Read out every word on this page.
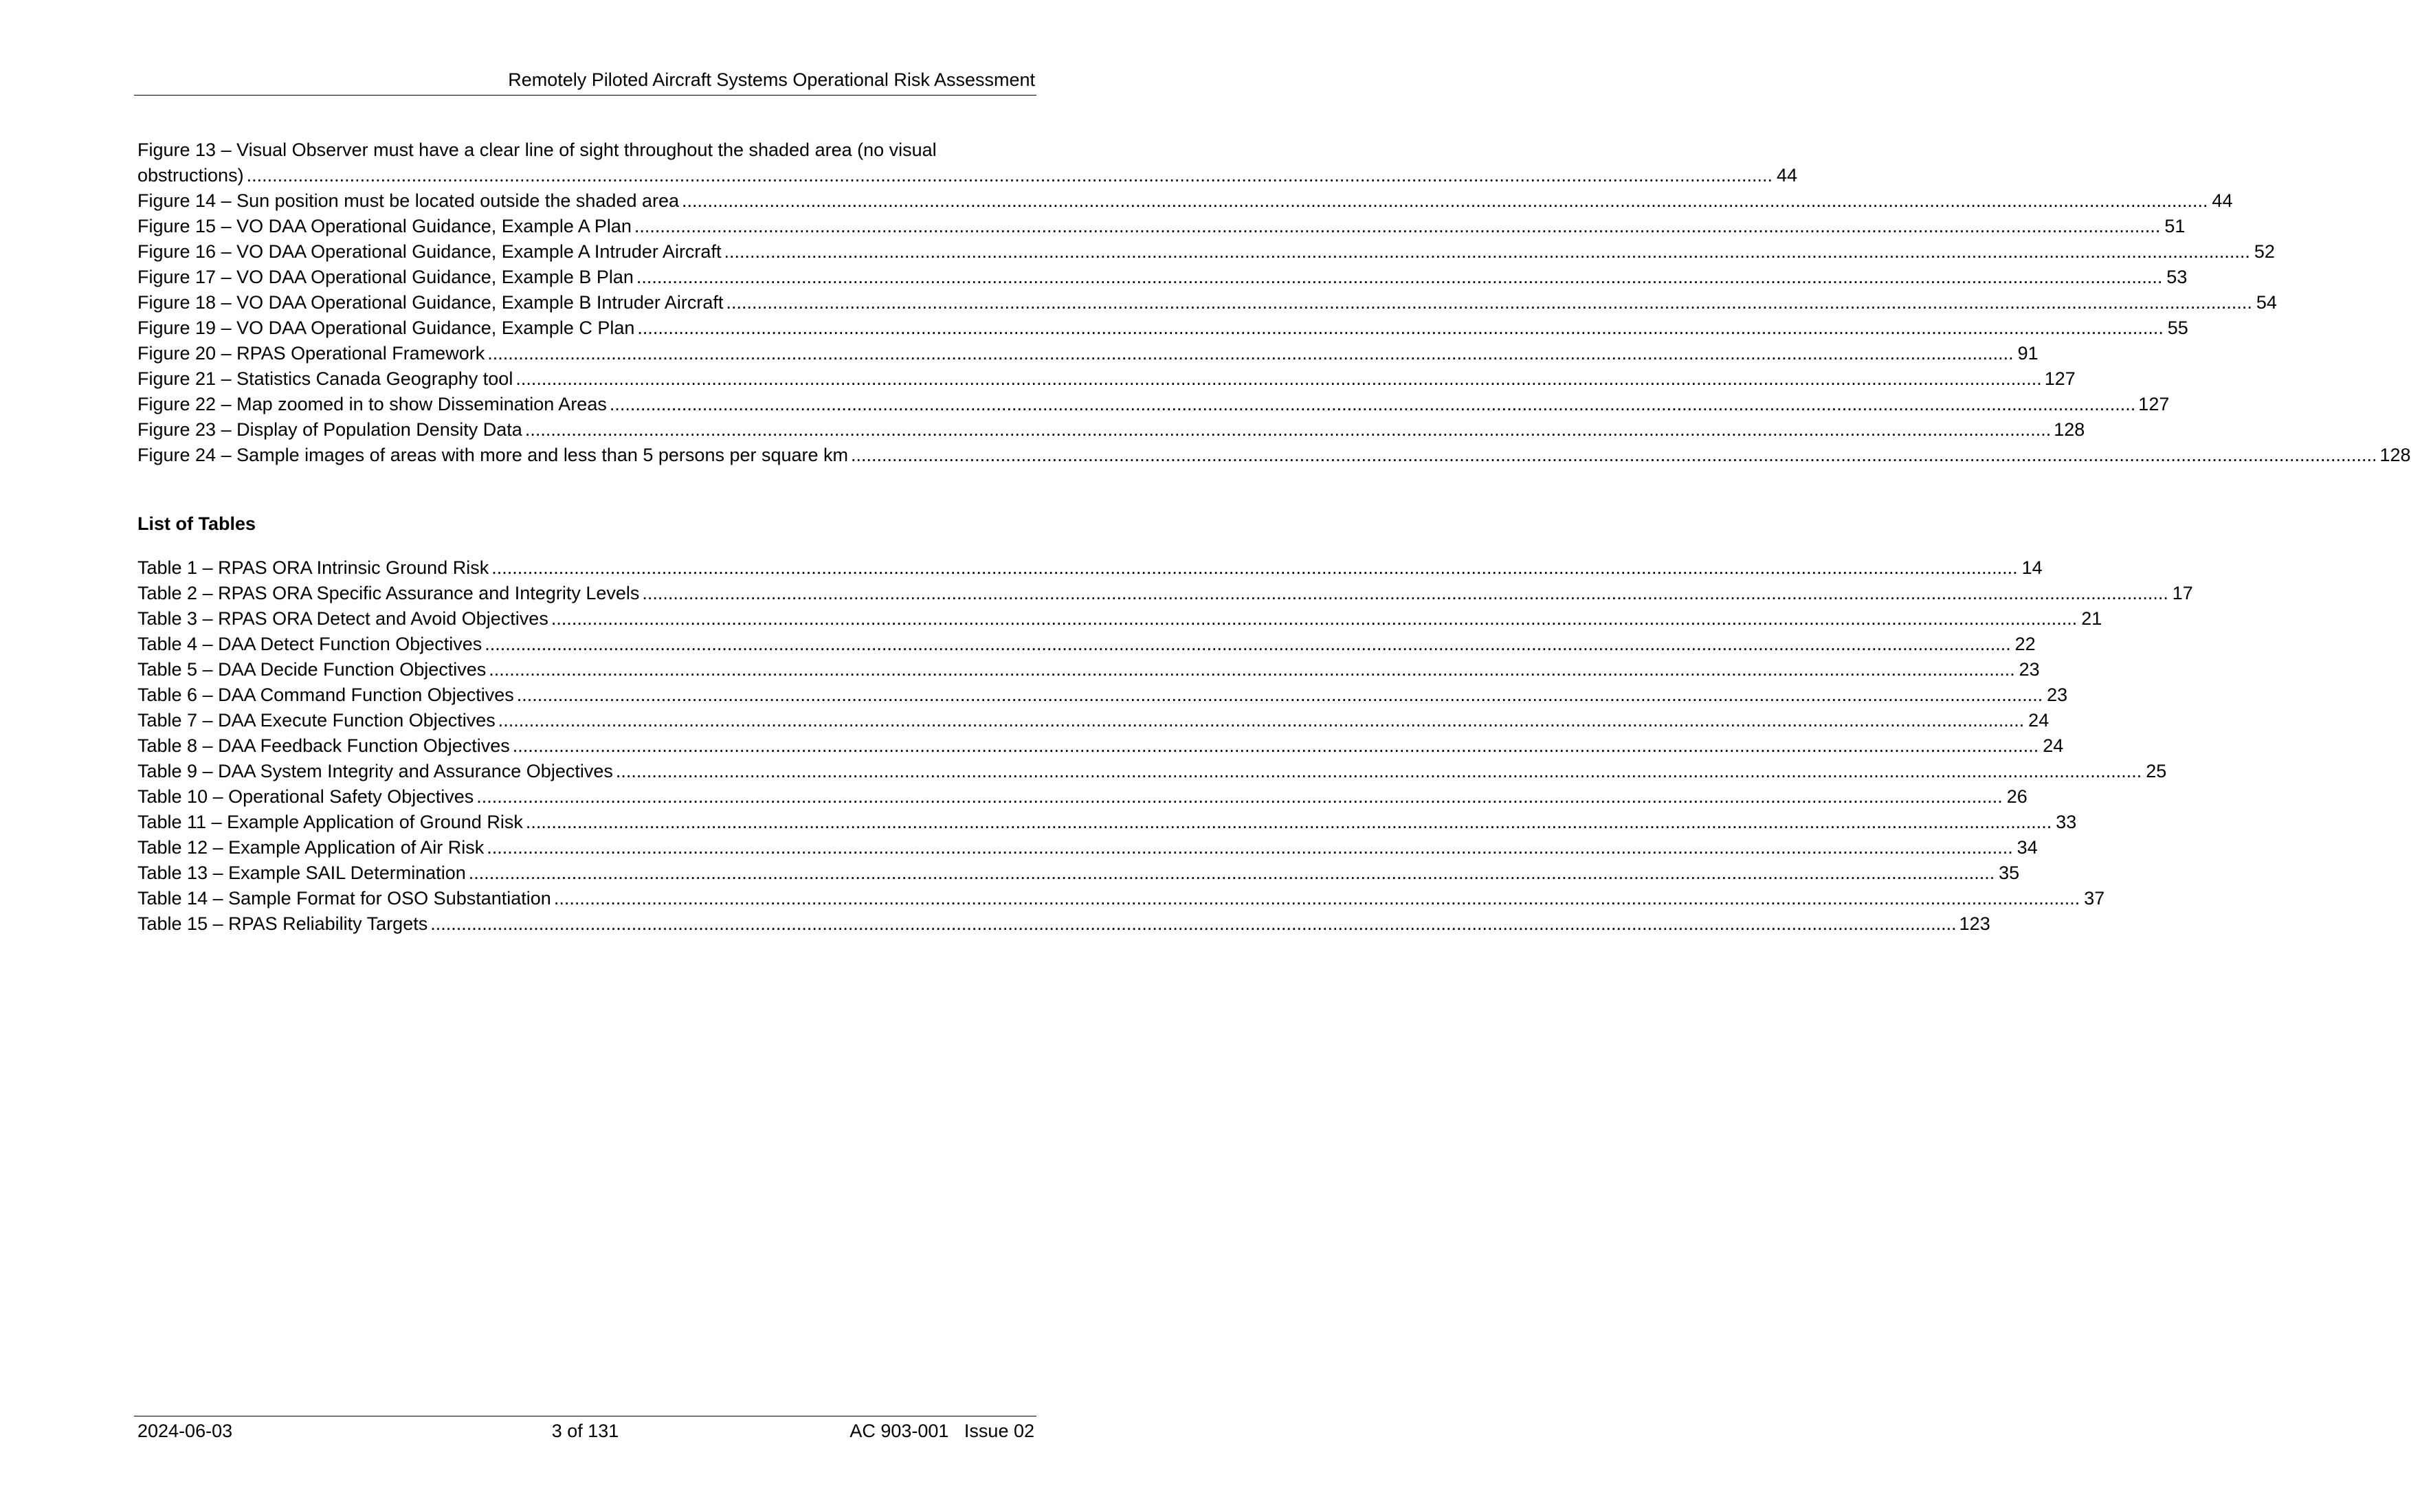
Remotely Piloted Aircraft Systems Operational Risk Assessment
Figure 13 – Visual Observer must have a clear line of sight throughout the shaded area (no visual
obstructions) .....	44
Figure 14 – Sun position must be located outside the shaded area .....	44
Figure 15 – VO DAA Operational Guidance, Example A Plan .....	51
Figure 16 – VO DAA Operational Guidance, Example A Intruder Aircraft .....	52
Figure 17 – VO DAA Operational Guidance, Example B Plan .....	53
Figure 18 – VO DAA Operational Guidance, Example B Intruder Aircraft .....	54
Figure 19 – VO DAA Operational Guidance, Example C Plan .....	55
Figure 20 – RPAS Operational Framework .....	91
Figure 21 – Statistics Canada Geography tool .....	127
Figure 22 – Map zoomed in to show Dissemination Areas .....	127
Figure 23 – Display of Population Density Data .....	128
Figure 24 – Sample images of areas with more and less than 5 persons per square km .....	128
List of Tables
Table 1 – RPAS ORA Intrinsic Ground Risk .....	14
Table 2 – RPAS ORA Specific Assurance and Integrity Levels .....	17
Table 3 – RPAS ORA Detect and Avoid Objectives .....	21
Table 4 – DAA Detect Function Objectives .....	22
Table 5 – DAA Decide Function Objectives .....	23
Table 6 – DAA Command Function Objectives .....	23
Table 7 – DAA Execute Function Objectives .....	24
Table 8 – DAA Feedback Function Objectives .....	24
Table 9 – DAA System Integrity and Assurance Objectives .....	25
Table 10 – Operational Safety Objectives .....	26
Table 11 – Example Application of Ground Risk .....	33
Table 12 – Example Application of Air Risk .....	34
Table 13 – Example SAIL Determination .....	35
Table 14 – Sample Format for OSO Substantiation .....	37
Table 15 – RPAS Reliability Targets .....	123
2024-06-03	3 of 131	AC 903-001   Issue 02
